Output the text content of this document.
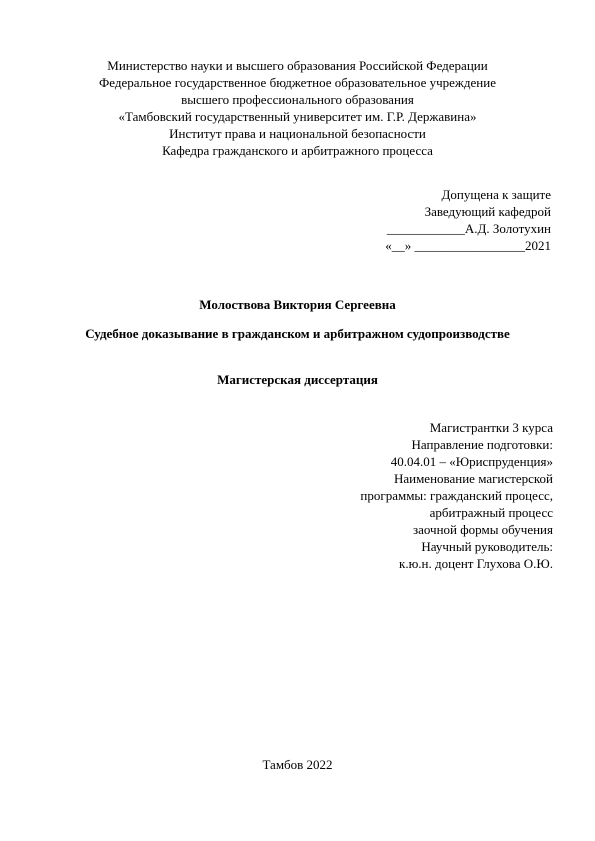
Министерство науки и высшего образования Российской Федерации
Федеральное государственное бюджетное образовательное учреждение
высшего профессионального образования
«Тамбовский государственный университет им. Г.Р. Державина»
Институт права и национальной безопасности
Кафедра гражданского и арбитражного процесса
Допущена к защите
Заведующий кафедрой
____________А.Д. Золотухин
«__» _________________2021
Молоствова Виктория Сергеевна
Судебное доказывание в гражданском и арбитражном судопроизводстве
Магистерская диссертация
Магистрантки 3 курса
Направление подготовки:
40.04.01 – «Юриспруденция»
Наименование магистерской
программы: гражданский процесс,
арбитражный процесс
заочной формы обучения
Научный руководитель:
к.ю.н. доцент Глухова О.Ю.
Тамбов 2022
